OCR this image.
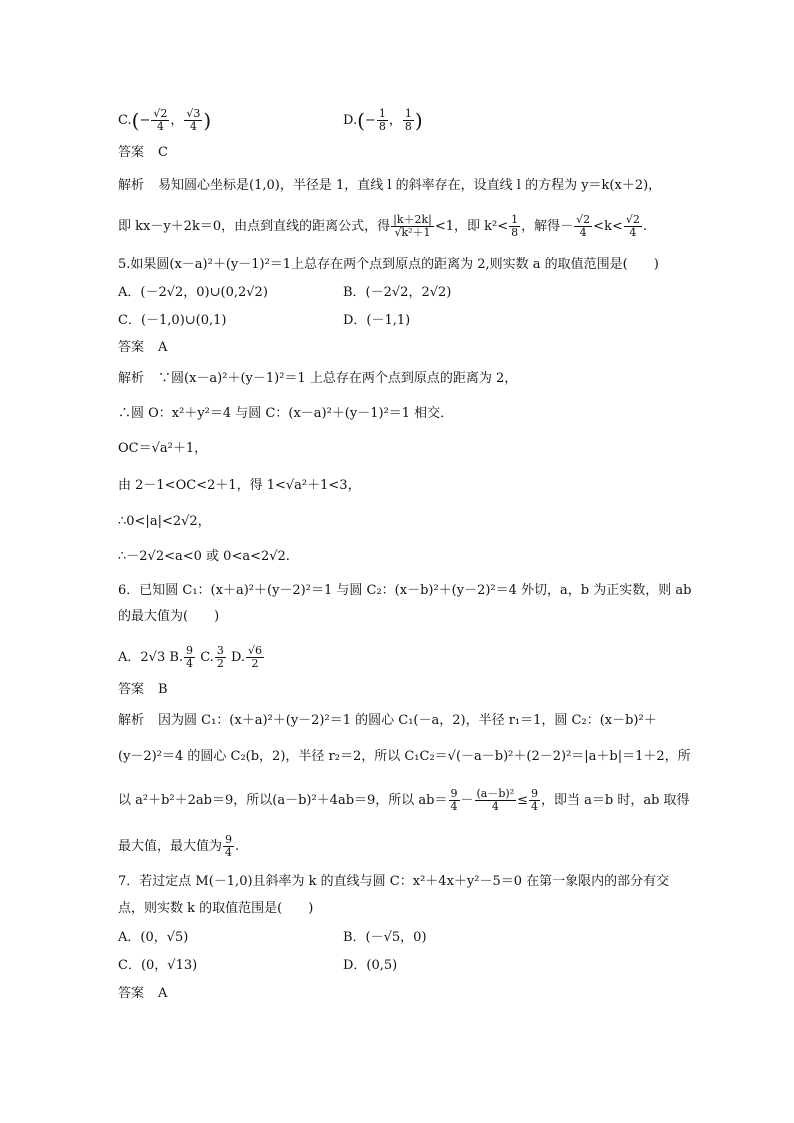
$C.(- \frac{√2}{4}$ ， $\frac{√3}{4}$ )	$D.(- \frac{1}{8}$ ， $\frac{1}{8}$ )
答案 C
解析 易知圆心坐标是(1,0)，半径是 1，直线 l 的斜率存在，设直线 l 的方程为 y＝k(x＋2)，
即 kx－y＋2k＝0，由点到直线的距离公式，得 $\frac{|k+2k|}{\text{√k²＋1}} <1$，即 $k^2< \frac{1}{8}$ ，解得－ $\frac{√2}{4} <k< \frac{√2}{4}$ .
5.如果圆(x－a)²＋(y－1)²＝1上总存在两个点到原点的距离为 2,则实数 a 的取值范围是(　　)
A．(－2√2，0)∪(0,2√2)	B．(－2√2，2√2)
C．(－1,0)∪(0,1)	D．(－1,1)
答案 A
解析 ∵圆(x－a)²＋(y－1)²＝1 上总存在两个点到原点的距离为 2，
∴圆 O：x²＋y²＝4 与圆 C：(x－a)²＋(y－1)²＝1 相交．
OC＝√a²＋1，
由 2－1<OC<2＋1，得 1<√a²＋1<3，
∴0<|a|<2√2，
∴－2√2<a<0 或 0<a<2√2.
6．已知圆 C₁：(x＋a)²＋(y－2)²＝1 与圆 C₂：(x－b)²＋(y－2)²＝4 外切，a，b 为正实数，则 ab
的最大值为(　　)
A．2√3 B. $\frac{9}{4} C$. $\frac{3}{2} D$. $\frac{√6}{2}$
答案 B
解析 因为圆 C₁：(x＋a)²＋(y－2)²＝1 的圆心 C₁(－a，2)，半径 r₁＝1，圆 C₂：(x－b)²＋
(y－2)²＝4 的圆心 C₂(b，2)，半径 r₂＝2，所以 C₁C₂＝√(－a－b)²＋(2－2)²＝|a＋b|＝1＋2，所
以 a²＋b²＋2ab＝9，所以(a－b)²＋4ab＝9，所以 $ab= \frac{9}{4} - \frac{\text{(a－b)²}}{4} \le \frac{9}{4}$ ，即当 a＝b 时，ab 取得
最大值，最大值为 $\frac{9}{4}$ .
7．若过定点 M(－1,0)且斜率为 k 的直线与圆 C：x²＋4x＋y²－5＝0 在第一象限内的部分有交
点，则实数 k 的取值范围是(　　)
A．(0，√5)	B．(－√5，0)
C．(0，√13)	D．(0,5)
答案 A
